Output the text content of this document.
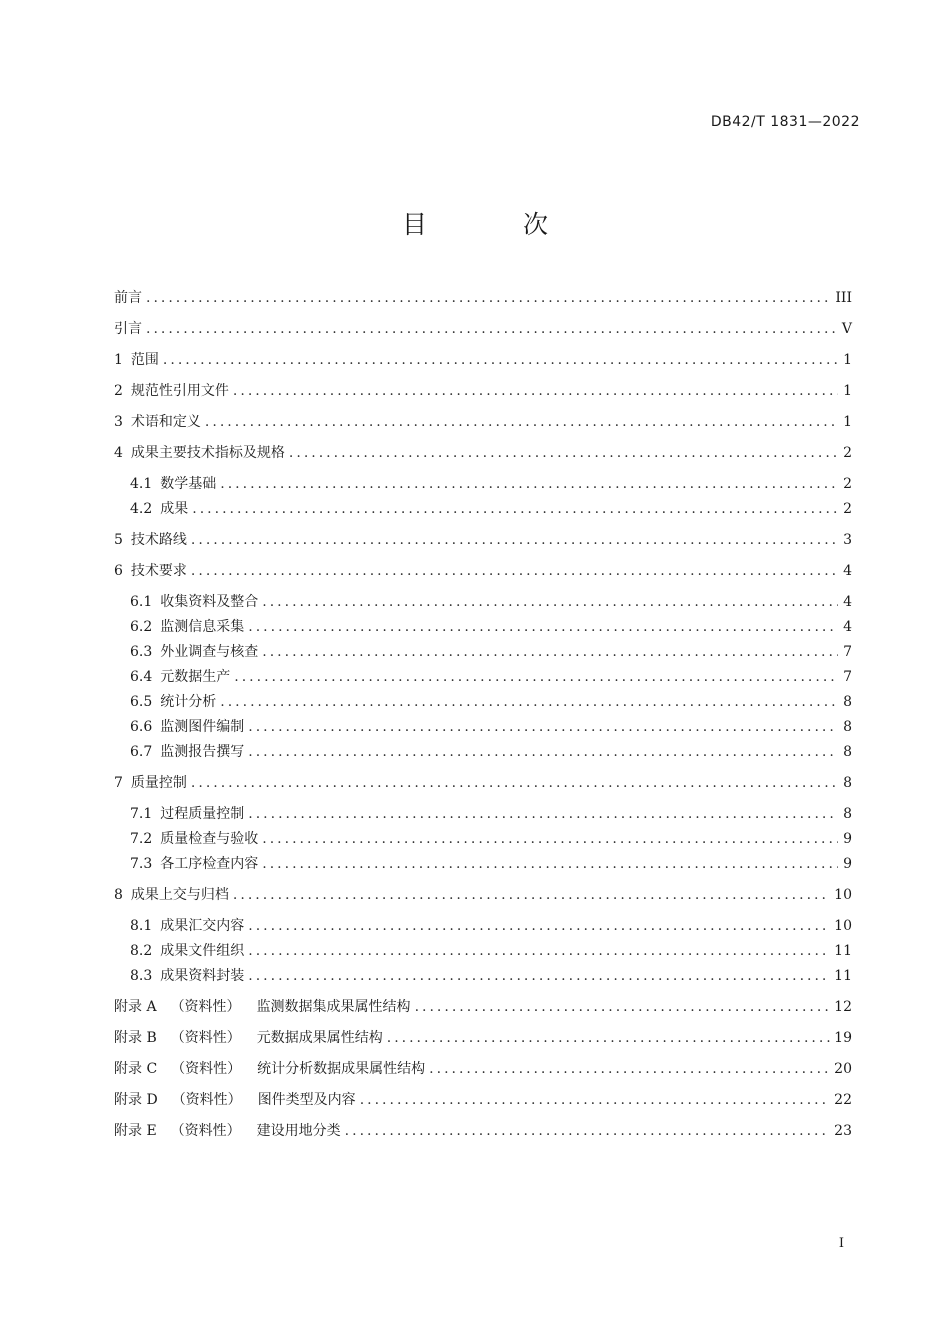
DB42/T 1831—2022
目 次
前言 .....	III
引言 .....	V
1 范围 .....	1
2 规范性引用文件 .....	1
3 术语和定义 .....	1
4 成果主要技术指标及规格 .....	2
4.1 数学基础 .....	2
4.2 成果 .....	2
5 技术路线 .....	3
6 技术要求 .....	4
6.1 收集资料及整合 .....	4
6.2 监测信息采集 .....	4
6.3 外业调查与核查 .....	7
6.4 元数据生产 .....	7
6.5 统计分析 .....	8
6.6 监测图件编制 .....	8
6.7 监测报告撰写 .....	8
7 质量控制 .....	8
7.1 过程质量控制 .....	8
7.2 质量检查与验收 .....	9
7.3 各工序检查内容 .....	9
8 成果上交与归档 .....	10
8.1 成果汇交内容 .....	10
8.2 成果文件组织 .....	11
8.3 成果资料封装 .....	11
附录 A （资料性） 监测数据集成果属性结构 .....	12
附录 B （资料性） 元数据成果属性结构 .....	19
附录 C （资料性） 统计分析数据成果属性结构 .....	20
附录 D （资料性） 图件类型及内容 .....	22
附录 E （资料性） 建设用地分类 .....	23
I
